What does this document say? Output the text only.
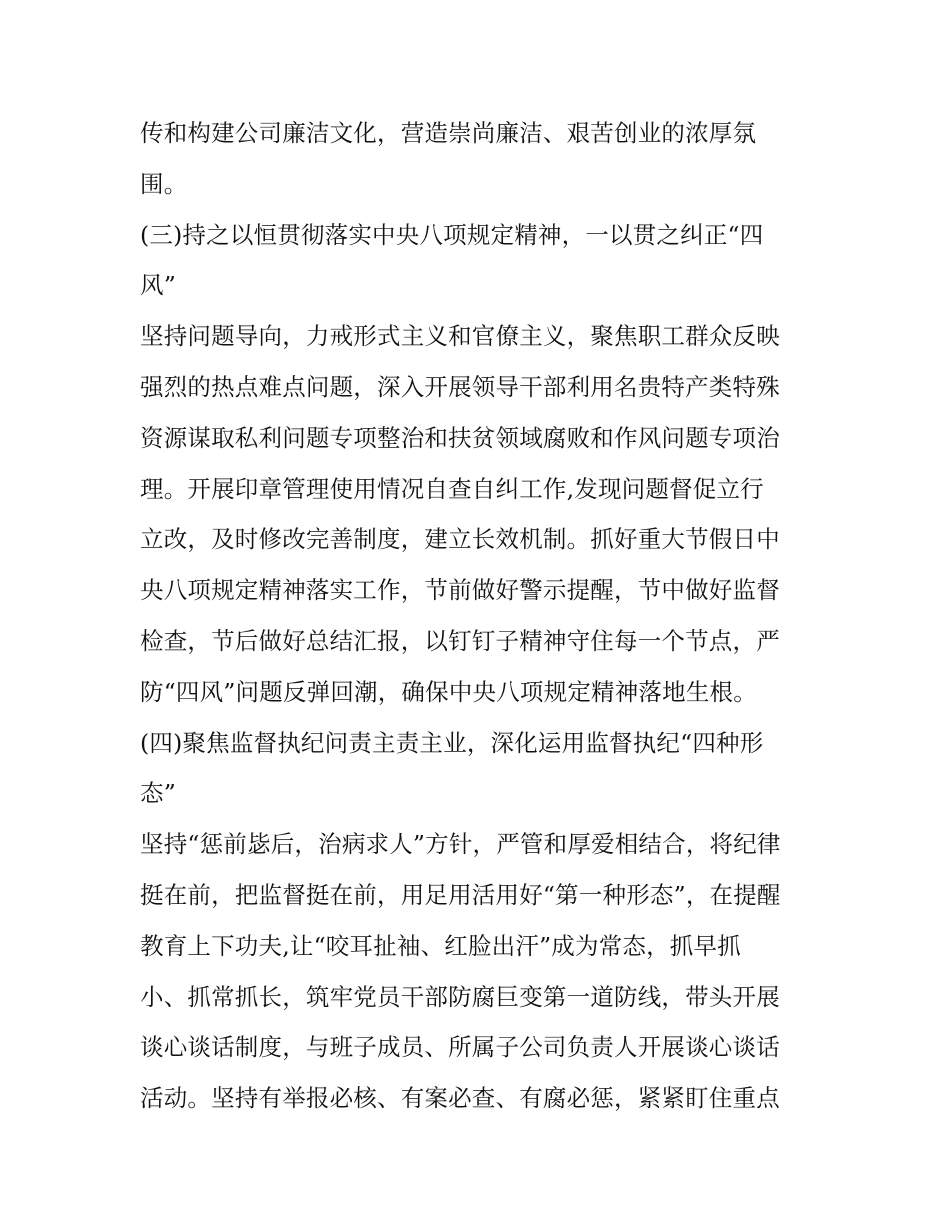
传和构建公司廉洁文化，营造崇尚廉洁、艰苦创业的浓厚氛
围。
(三)持之以恒贯彻落实中央八项规定精神，一以贯之纠正“四
风”
坚持问题导向，力戒形式主义和官僚主义，聚焦职工群众反映
强烈的热点难点问题，深入开展领导干部利用名贵特产类特殊
资源谋取私利问题专项整治和扶贫领域腐败和作风问题专项治
理。开展印章管理使用情况自查自纠工作,发现问题督促立行
立改，及时修改完善制度，建立长效机制。抓好重大节假日中
央八项规定精神落实工作，节前做好警示提醒，节中做好监督
检查，节后做好总结汇报，以钉钉子精神守住每一个节点，严
防“四风”问题反弹回潮，确保中央八项规定精神落地生根。
(四)聚焦监督执纪问责主责主业，深化运用监督执纪“四种形
态”
坚持“惩前毖后，治病求人”方针，严管和厚爱相结合，将纪律
挺在前，把监督挺在前，用足用活用好“第一种形态”，在提醒
教育上下功夫,让“咬耳扯袖、红脸出汗”成为常态，抓早抓
小、抓常抓长，筑牢党员干部防腐巨变第一道防线，带头开展
谈心谈话制度，与班子成员、所属子公司负责人开展谈心谈话
活动。坚持有举报必核、有案必查、有腐必惩，紧紧盯住重点
